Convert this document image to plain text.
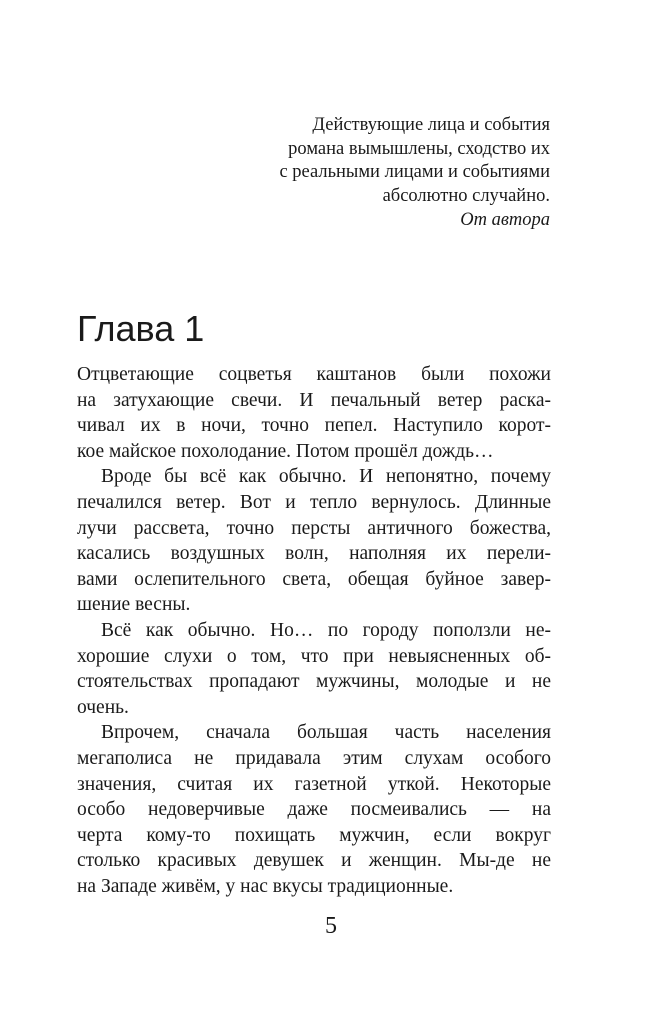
Действующие лица и события
романа вымышлены, сходство их
с реальными лицами и событиями
абсолютно случайно.
От автора
Глава 1
Отцветающие соцветья каштанов были похожи
на затухающие свечи. И печальный ветер раска-
чивал их в ночи, точно пепел. Наступило корот-
кое майское похолодание. Потом прошёл дождь…
Вроде бы всё как обычно. И непонятно, почему
печалился ветер. Вот и тепло вернулось. Длинные
лучи рассвета, точно персты античного божества,
касались воздушных волн, наполняя их перели-
вами ослепительного света, обещая буйное завер-
шение весны.
Всё как обычно. Но… по городу поползли не-
хорошие слухи о том, что при невыясненных об-
стоятельствах пропадают мужчины, молодые и не
очень.
Впрочем, сначала большая часть населения
мегаполиса не придавала этим слухам особого
значения, считая их газетной уткой. Некоторые
особо недоверчивые даже посмеивались — на
черта кому-то похищать мужчин, если вокруг
столько красивых девушек и женщин. Мы-де не
на Западе живём, у нас вкусы традиционные.
5
